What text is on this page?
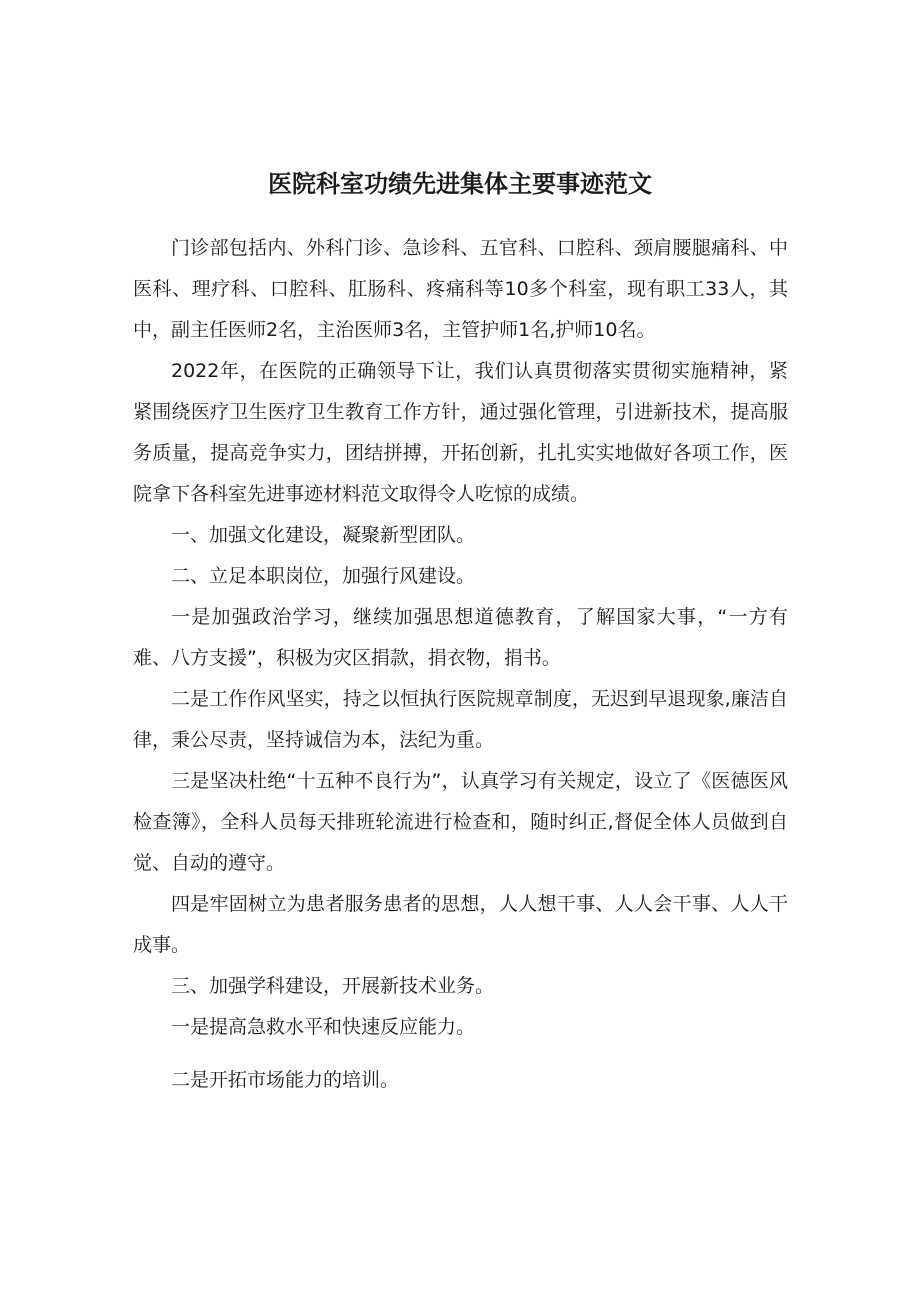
医院科室功绩先进集体主要事迹范文

门诊部包括内、外科门诊、急诊科、五官科、口腔科、颈肩腰腿痛科、中医科、理疗科、口腔科、肛肠科、疼痛科等10多个科室，现有职工33人，其中，副主任医师2名，主治医师3名，主管护师1名,护师10名。

2022年，在医院的正确领导下让，我们认真贯彻落实贯彻实施精神，紧紧围绕医疗卫生医疗卫生教育工作方针，通过强化管理，引进新技术，提高服务质量，提高竞争实力，团结拼搏，开拓创新，扎扎实实地做好各项工作，医院拿下各科室先进事迹材料范文取得令人吃惊的成绩。

一、加强文化建设，凝聚新型团队。

二、立足本职岗位，加强行风建设。

一是加强政治学习，继续加强思想道德教育，了解国家大事，“一方有难、八方支援”，积极为灾区捐款，捐衣物，捐书。

二是工作作风坚实，持之以恒执行医院规章制度，无迟到早退现象,廉洁自律，秉公尽责，坚持诚信为本，法纪为重。

三是坚决杜绝“十五种不良行为”，认真学习有关规定，设立了《医德医风检查簿》，全科人员每天排班轮流进行检查和，随时纠正,督促全体人员做到自觉、自动的遵守。

四是牢固树立为患者服务患者的思想，人人想干事、人人会干事、人人干成事。

三、加强学科建设，开展新技术业务。

一是提高急救水平和快速反应能力。

二是开拓市场能力的培训。
